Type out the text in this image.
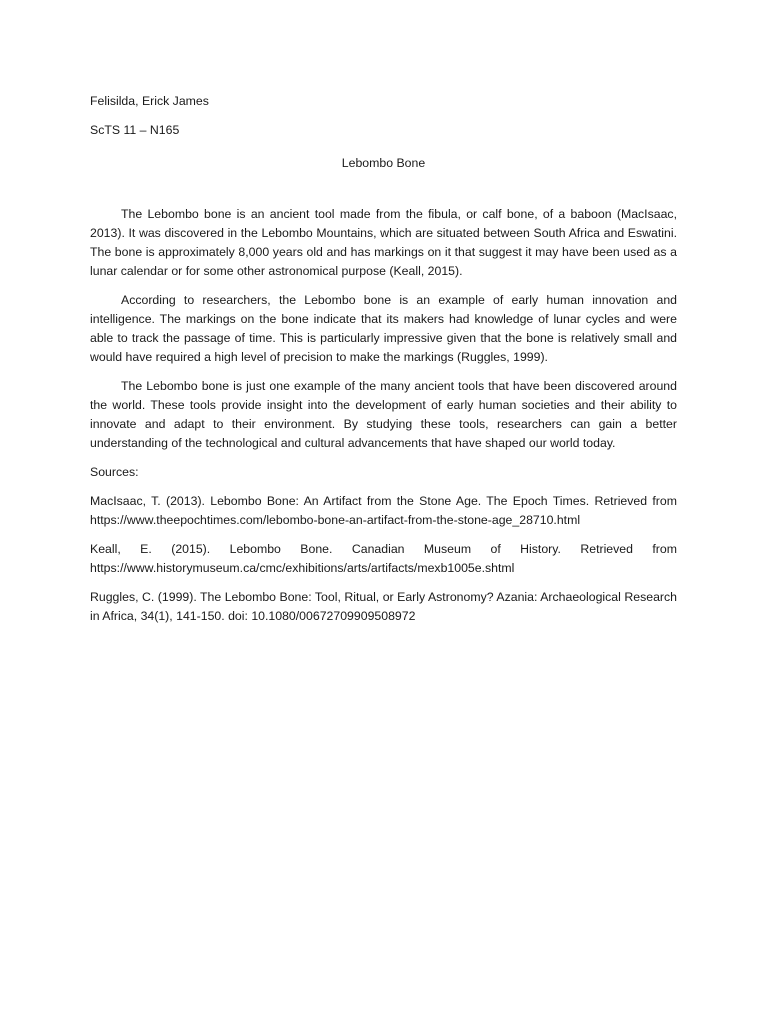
Felisilda, Erick James

ScTS 11 – N165

Lebombo Bone

The Lebombo bone is an ancient tool made from the fibula, or calf bone, of a baboon (MacIsaac, 2013). It was discovered in the Lebombo Mountains, which are situated between South Africa and Eswatini. The bone is approximately 8,000 years old and has markings on it that suggest it may have been used as a lunar calendar or for some other astronomical purpose (Keall, 2015).

According to researchers, the Lebombo bone is an example of early human innovation and intelligence. The markings on the bone indicate that its makers had knowledge of lunar cycles and were able to track the passage of time. This is particularly impressive given that the bone is relatively small and would have required a high level of precision to make the markings (Ruggles, 1999).

The Lebombo bone is just one example of the many ancient tools that have been discovered around the world. These tools provide insight into the development of early human societies and their ability to innovate and adapt to their environment. By studying these tools, researchers can gain a better understanding of the technological and cultural advancements that have shaped our world today.

Sources:

MacIsaac, T. (2013). Lebombo Bone: An Artifact from the Stone Age. The Epoch Times. Retrieved from https://www.theepochtimes.com/lebombo-bone-an-artifact-from-the-stone-age_28710.html

Keall, E. (2015). Lebombo Bone. Canadian Museum of History. Retrieved from https://www.historymuseum.ca/cmc/exhibitions/arts/artifacts/mexb1005e.shtml

Ruggles, C. (1999). The Lebombo Bone: Tool, Ritual, or Early Astronomy? Azania: Archaeological Research in Africa, 34(1), 141-150. doi: 10.1080/00672709909508972
